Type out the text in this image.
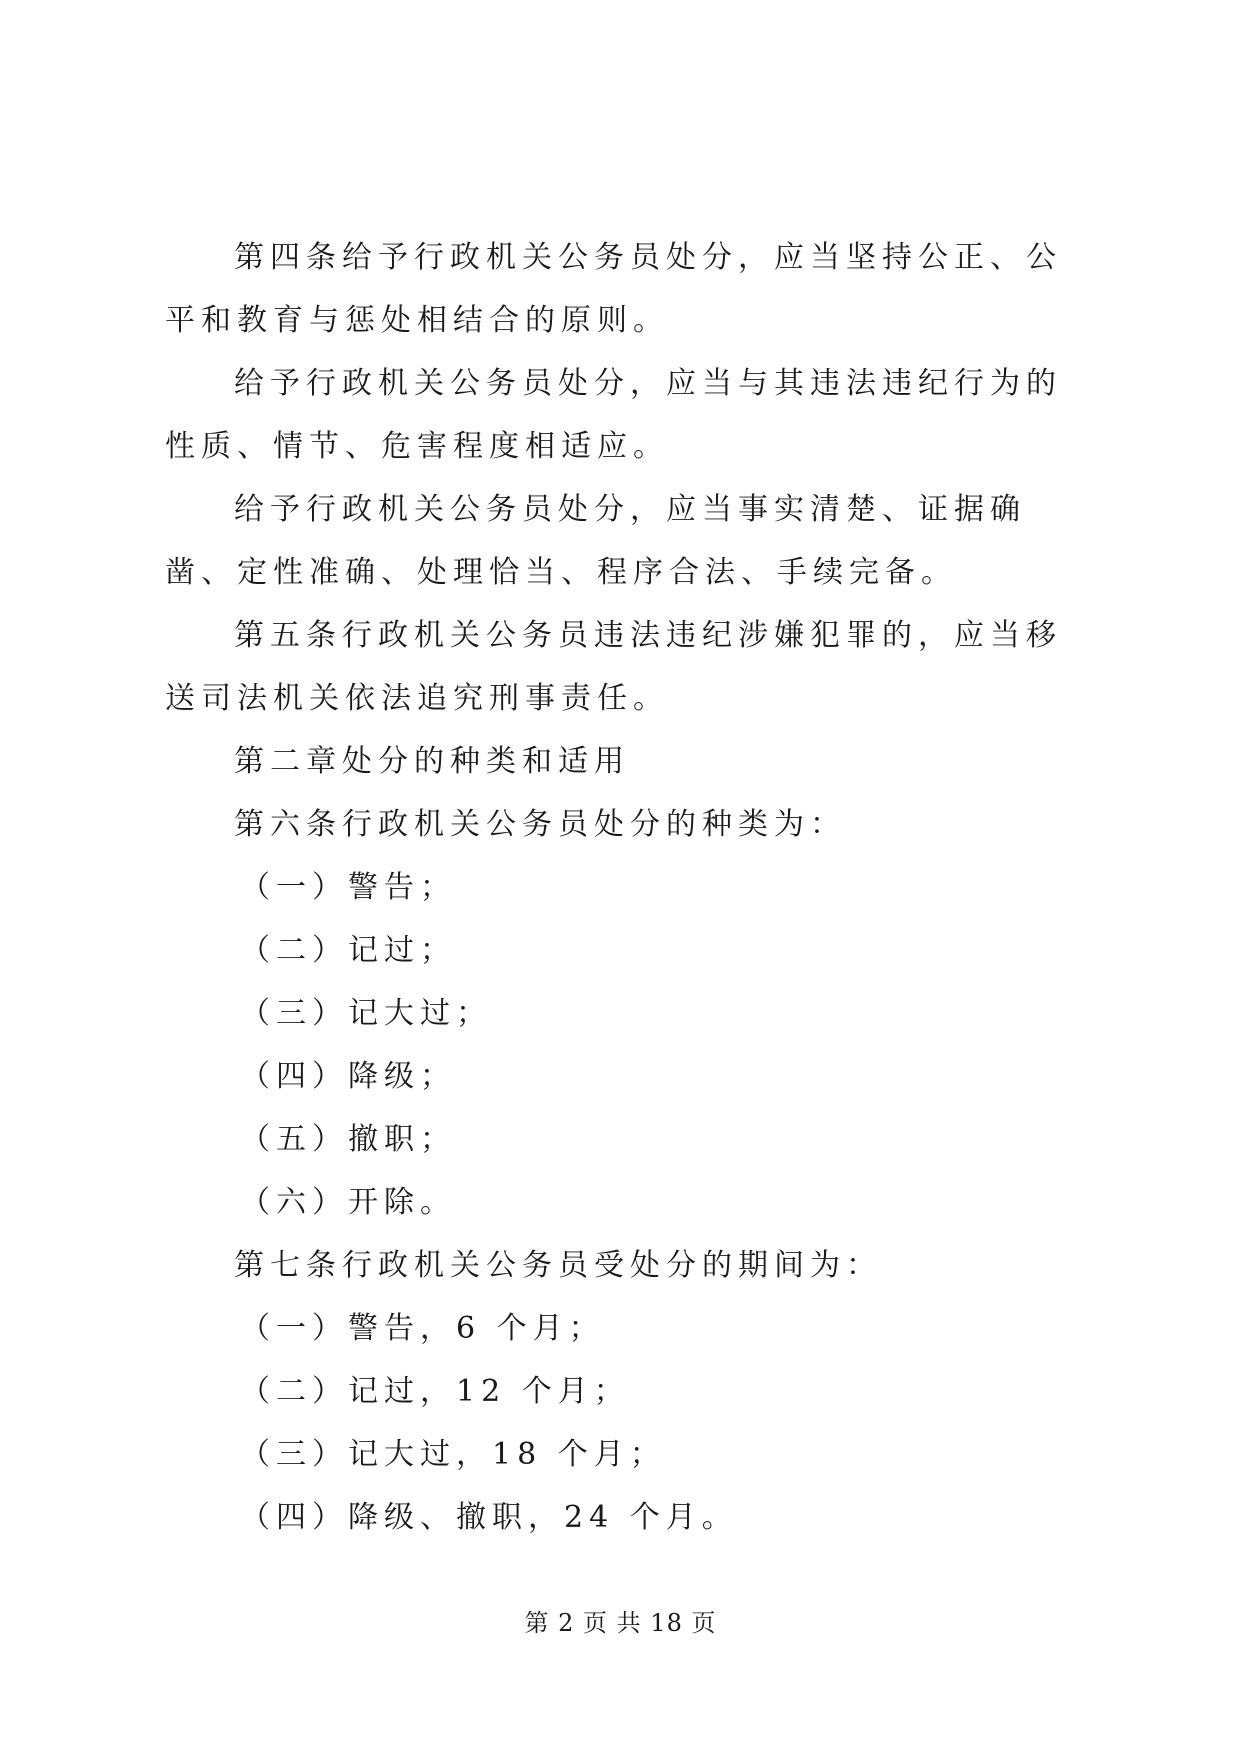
第四条给予行政机关公务员处分，应当坚持公正、公平和教育与惩处相结合的原则。

给予行政机关公务员处分，应当与其违法违纪行为的性质、情节、危害程度相适应。

给予行政机关公务员处分，应当事实清楚、证据确凿、定性准确、处理恰当、程序合法、手续完备。

第五条行政机关公务员违法违纪涉嫌犯罪的，应当移送司法机关依法追究刑事责任。

第二章处分的种类和适用

第六条行政机关公务员处分的种类为：

（一）警告；

（二）记过；

（三）记大过；

（四）降级；

（五）撤职；

（六）开除。

第七条行政机关公务员受处分的期间为：

（一）警告，6 个月；

（二）记过，12 个月；

（三）记大过，18 个月；

（四）降级、撤职，24 个月。

第 2 页 共 18 页
